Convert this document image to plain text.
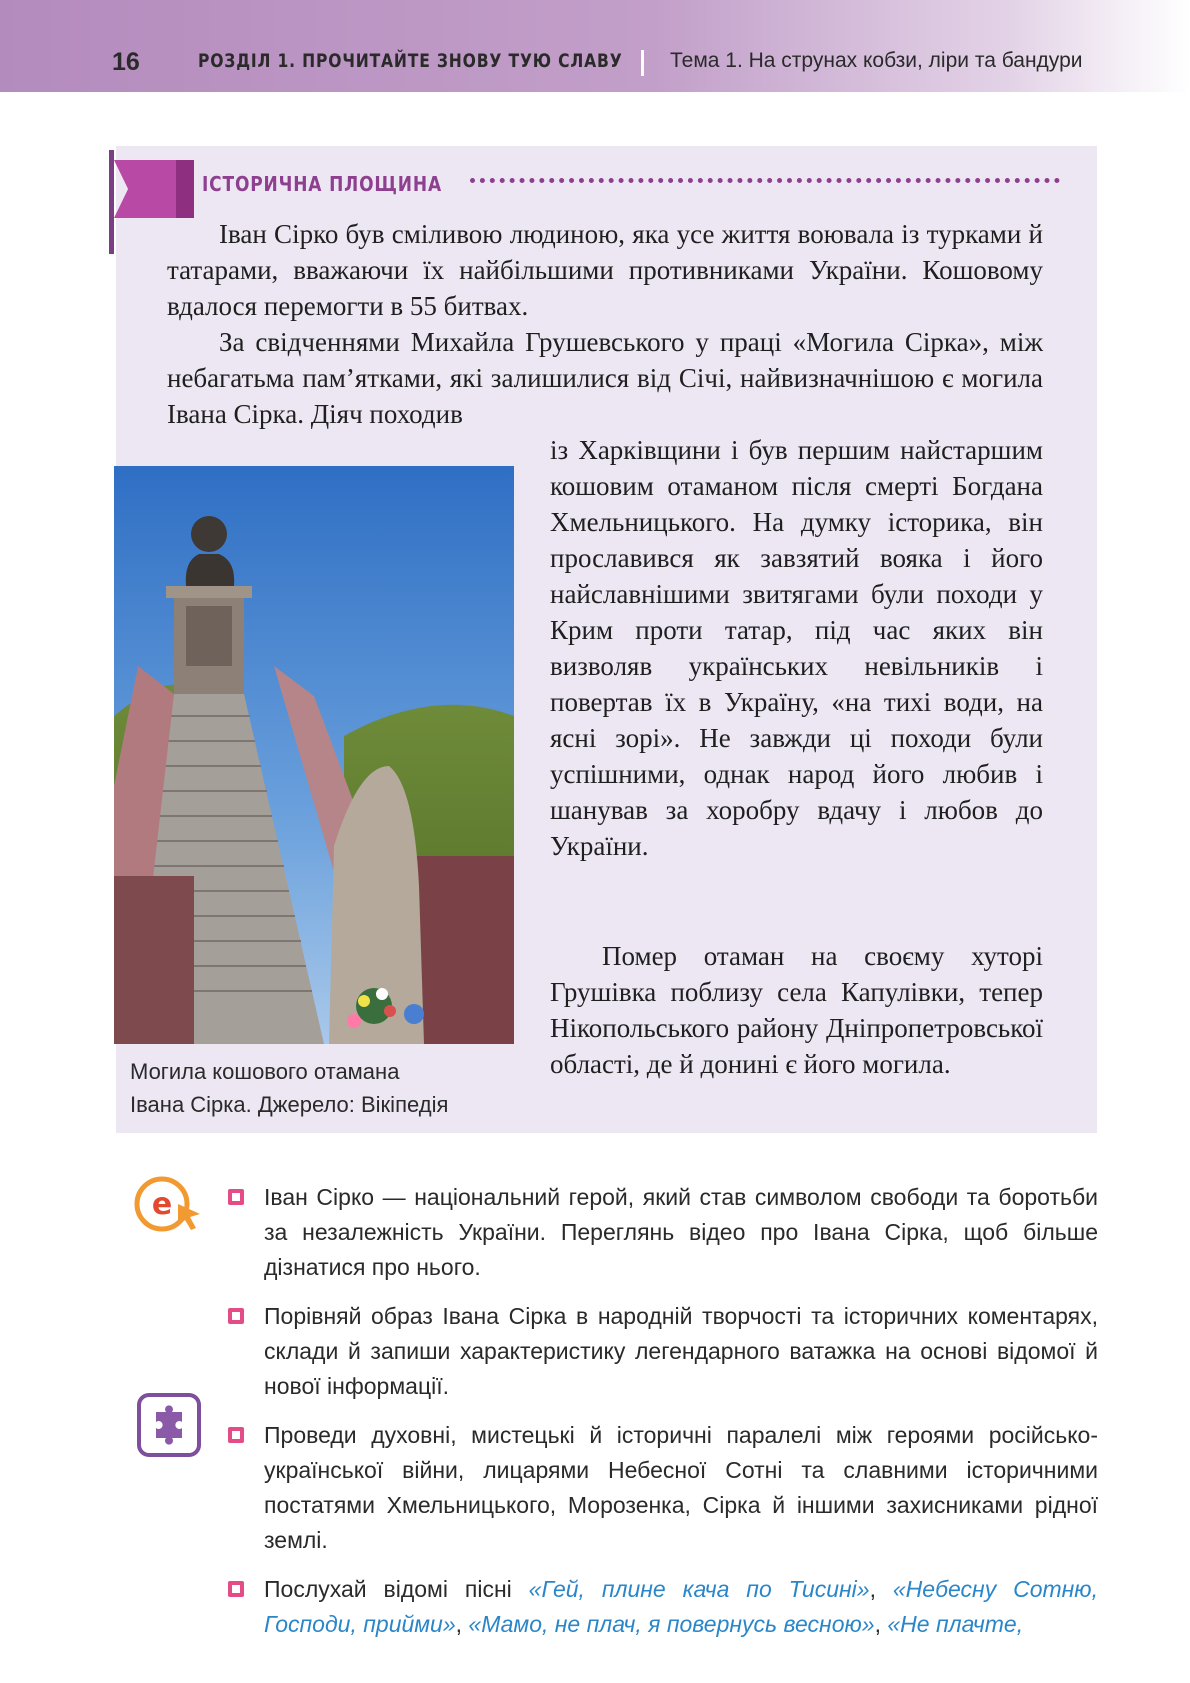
16	РОЗДІЛ 1. ПРОЧИТАЙТЕ ЗНОВУ ТУЮ СЛАВУ Тема 1. На струнах кобзи, ліри та бандури
ІСТОРИЧНА ПЛОЩИНА

Іван Сірко був сміливою людиною, яка усе життя воювала із турками й татарами, вважаючи їх найбільшими противниками України. Кошовому вдалося перемогти в 55 битвах.

За свідченнями Михайла Грушевського у праці «Могила Сірка», між небагатьма пам’ятками, які залишилися від Січі, найвизначнішою є могила Івана Сірка. Діяч походив

із Харківщини і був першим найстаршим кошовим отаманом після смерті Богдана Хмельницького. На думку історика, він прославився як завзятий вояка і його найславнішими звитягами були походи у Крим проти татар, під час яких він визволяв українських невільників і повертав їх в Україну, «на тихі води, на ясні зорі». Не завжди ці походи були успішними, однак народ його любив і шанував за хоробру вдачу і любов до України.

Помер отаман на своєму хуторі Грушівка поблизу села Капулівки, тепер Нікопольського району Дніпропетровської області, де й донині є його могила.

Могила кошового отамана
Івана Сірка. Джерело: Вікіпедія
e	Іван Сірко — національний герой, який став символом свободи та боротьби за незалежність України. Переглянь відео про Івана Сірка, щоб більше дізнатися про нього.
Порівняй образ Івана Сірка в народній творчості та історичних коментарях, склади й запиши характеристику легендарного ватажка на основі відомої й нової інформації.
Проведи духовні, мистецькі й історичні паралелі між героями російсько-української війни, лицарями Небесної Сотні та славними історичними постатями Хмельницького, Морозенка, Сірка й іншими захисниками рідної землі.
Послухай відомі пісні «Гей, плине кача по Тисині», «Небесну Сотню, Господи, прийми», «Мамо, не плач, я повернусь весною», «Не плачте,
